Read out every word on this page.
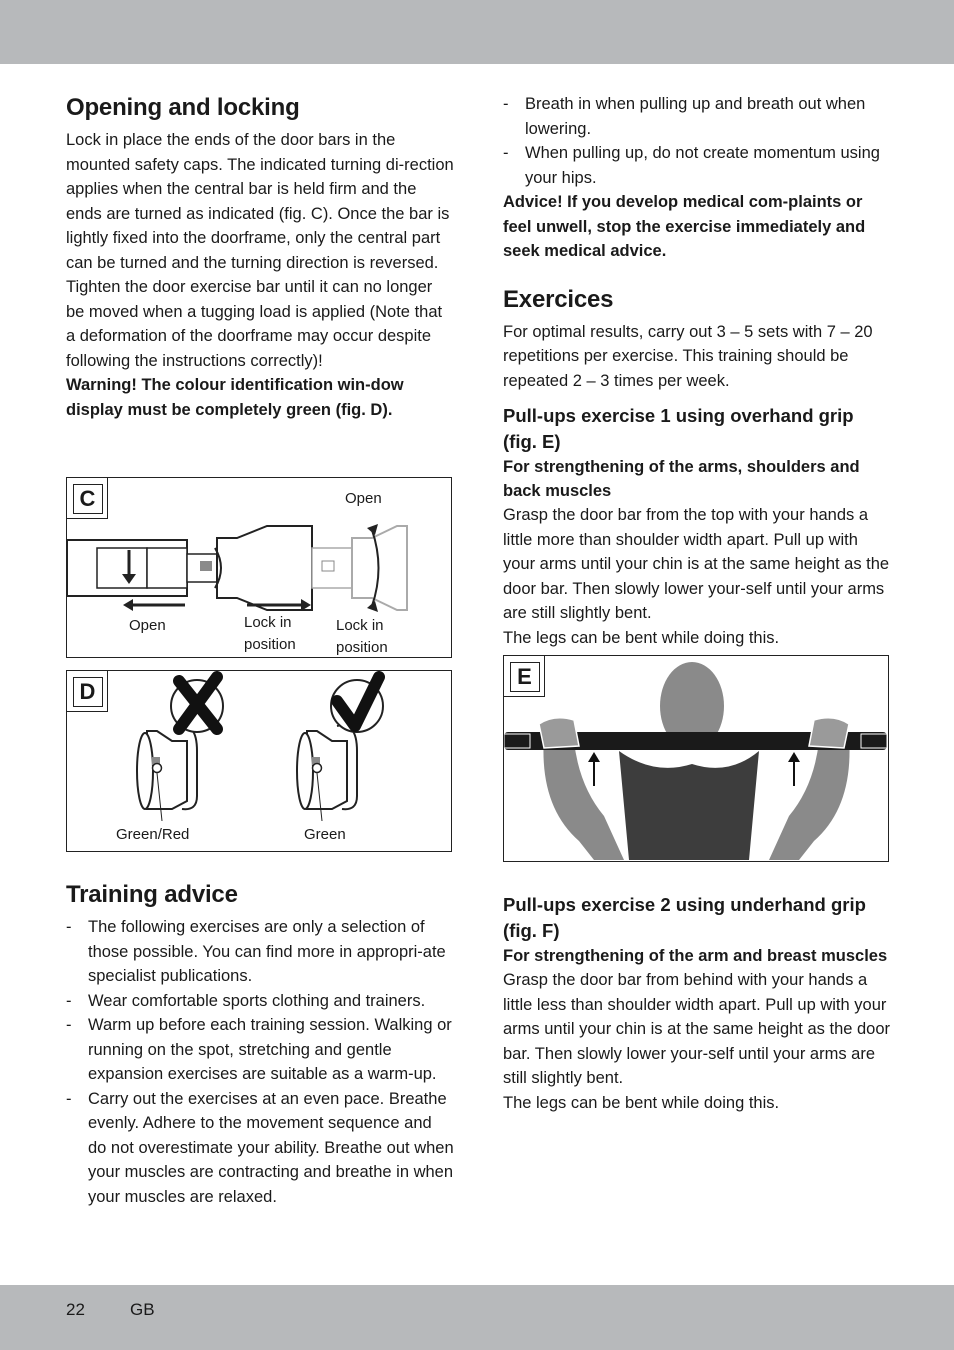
Opening and locking

Lock in place the ends of the door bars in the mounted safety caps. The indicated turning di-rection applies when the central bar is held firm and the ends are turned as indicated (fig. C). Once the bar is lightly fixed into the doorframe, only the central part can be turned and the turning direction is reversed. Tighten the door exercise bar until it can no longer be moved when a tugging load is applied (Note that a deformation of the doorframe may occur despite following the instructions correctly)!

Warning! The colour identification win-dow display must be completely green (fig. D).

C	Open
Open	Lock in position
Lock in position
D
Green/Red	Green
Training advice
- The following exercises are only a selection of those possible. You can find more in appropri-ate specialist publications.
- Wear comfortable sports clothing and trainers.
- Warm up before each training session. Walking or running on the spot, stretching and gentle expansion exercises are suitable as a warm-up.
- Carry out the exercises at an even pace. Breathe evenly. Adhere to the movement sequence and do not overestimate your ability. Breathe out when your muscles are contracting and breathe in when your muscles are relaxed.
- Breath in when pulling up and breath out when lowering.
- When pulling up, do not create momentum using your hips.

Advice! If you develop medical com-plaints or feel unwell, stop the exercise immediately and seek medical advice.

Exercices

For optimal results, carry out 3 – 5 sets with 7 – 20 repetitions per exercise. This training should be repeated 2 – 3 times per week.

Pull-ups exercise 1 using overhand grip (fig. E)
For strengthening of the arms, shoulders and back muscles

Grasp the door bar from the top with your hands a little more than shoulder width apart. Pull up with your arms until your chin is at the same height as the door bar. Then slowly lower your-self until your arms are still slightly bent.

The legs can be bent while doing this.

E
Pull-ups exercise 2 using underhand grip (fig. F)
For strengthening of the arm and breast muscles

Grasp the door bar from behind with your hands a little less than shoulder width apart. Pull up with your arms until your chin is at the same height as the door bar. Then slowly lower your-self until your arms are still slightly bent.

The legs can be bent while doing this.

22	GB
